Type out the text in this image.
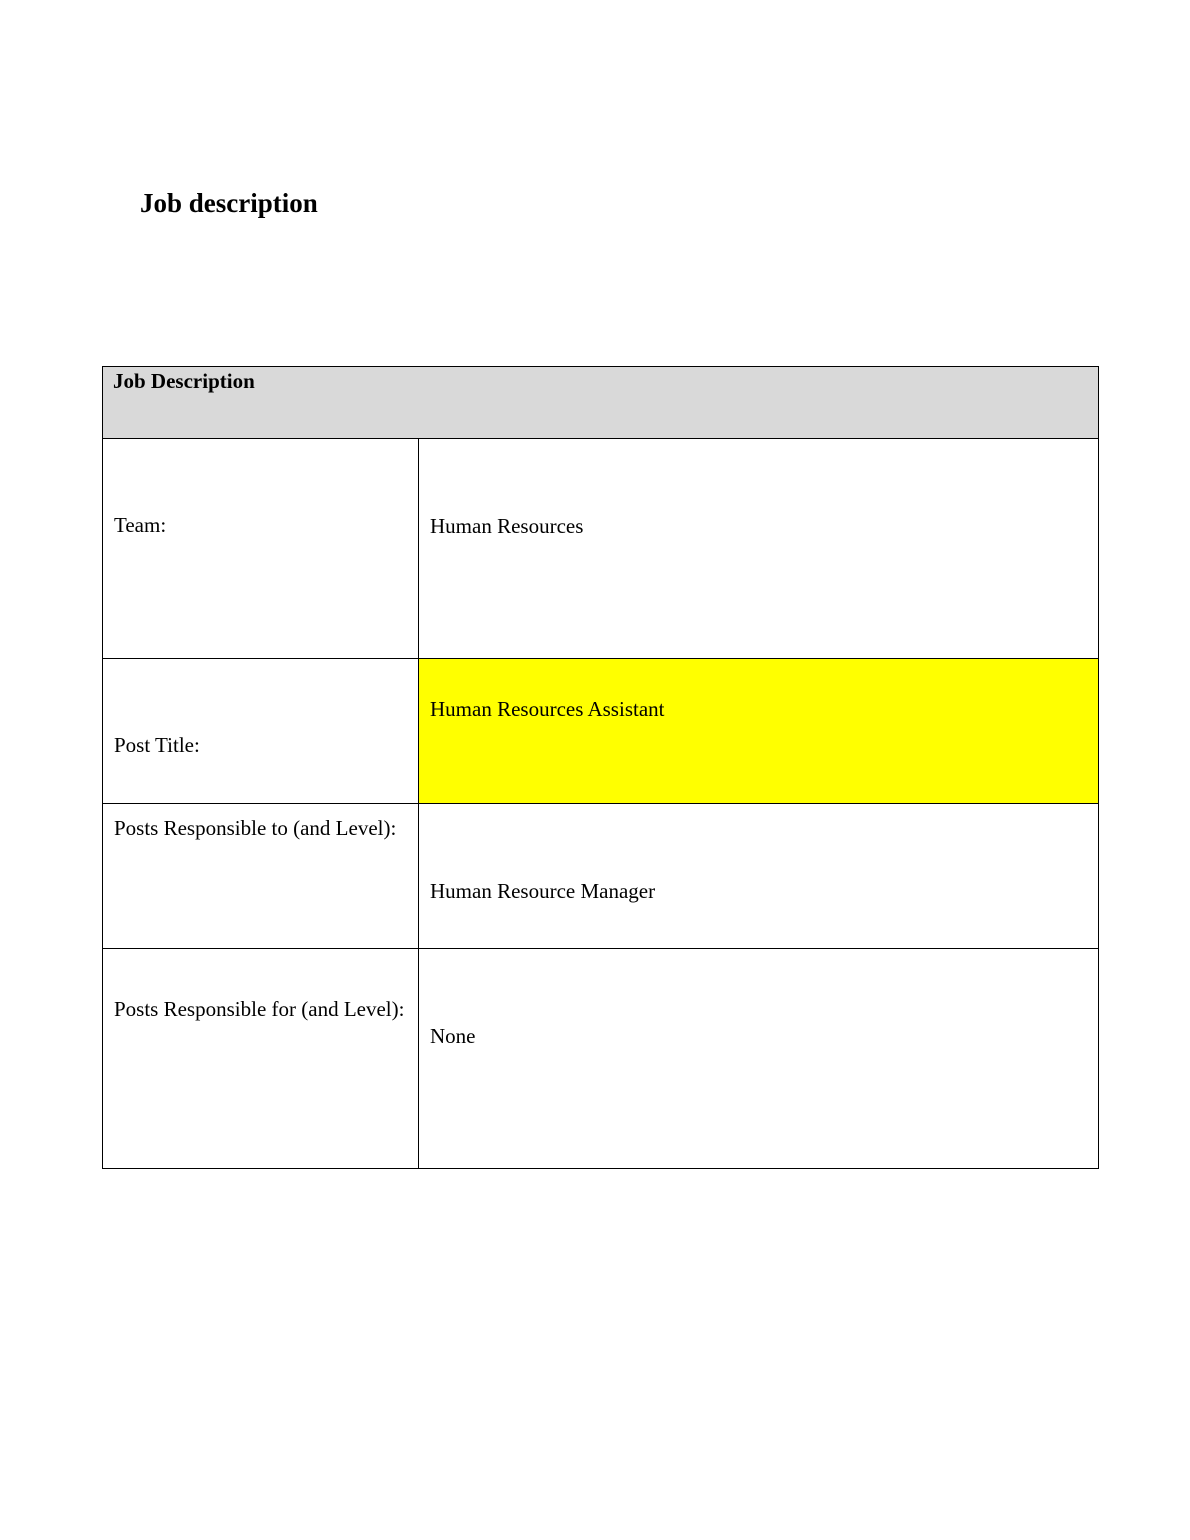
Job description
Job Description	

Team:	Human Resources

Post Title:	Human Resources Assistant

Posts Responsible to (and Level):	Human Resource Manager

Posts Responsible for (and Level):	None
